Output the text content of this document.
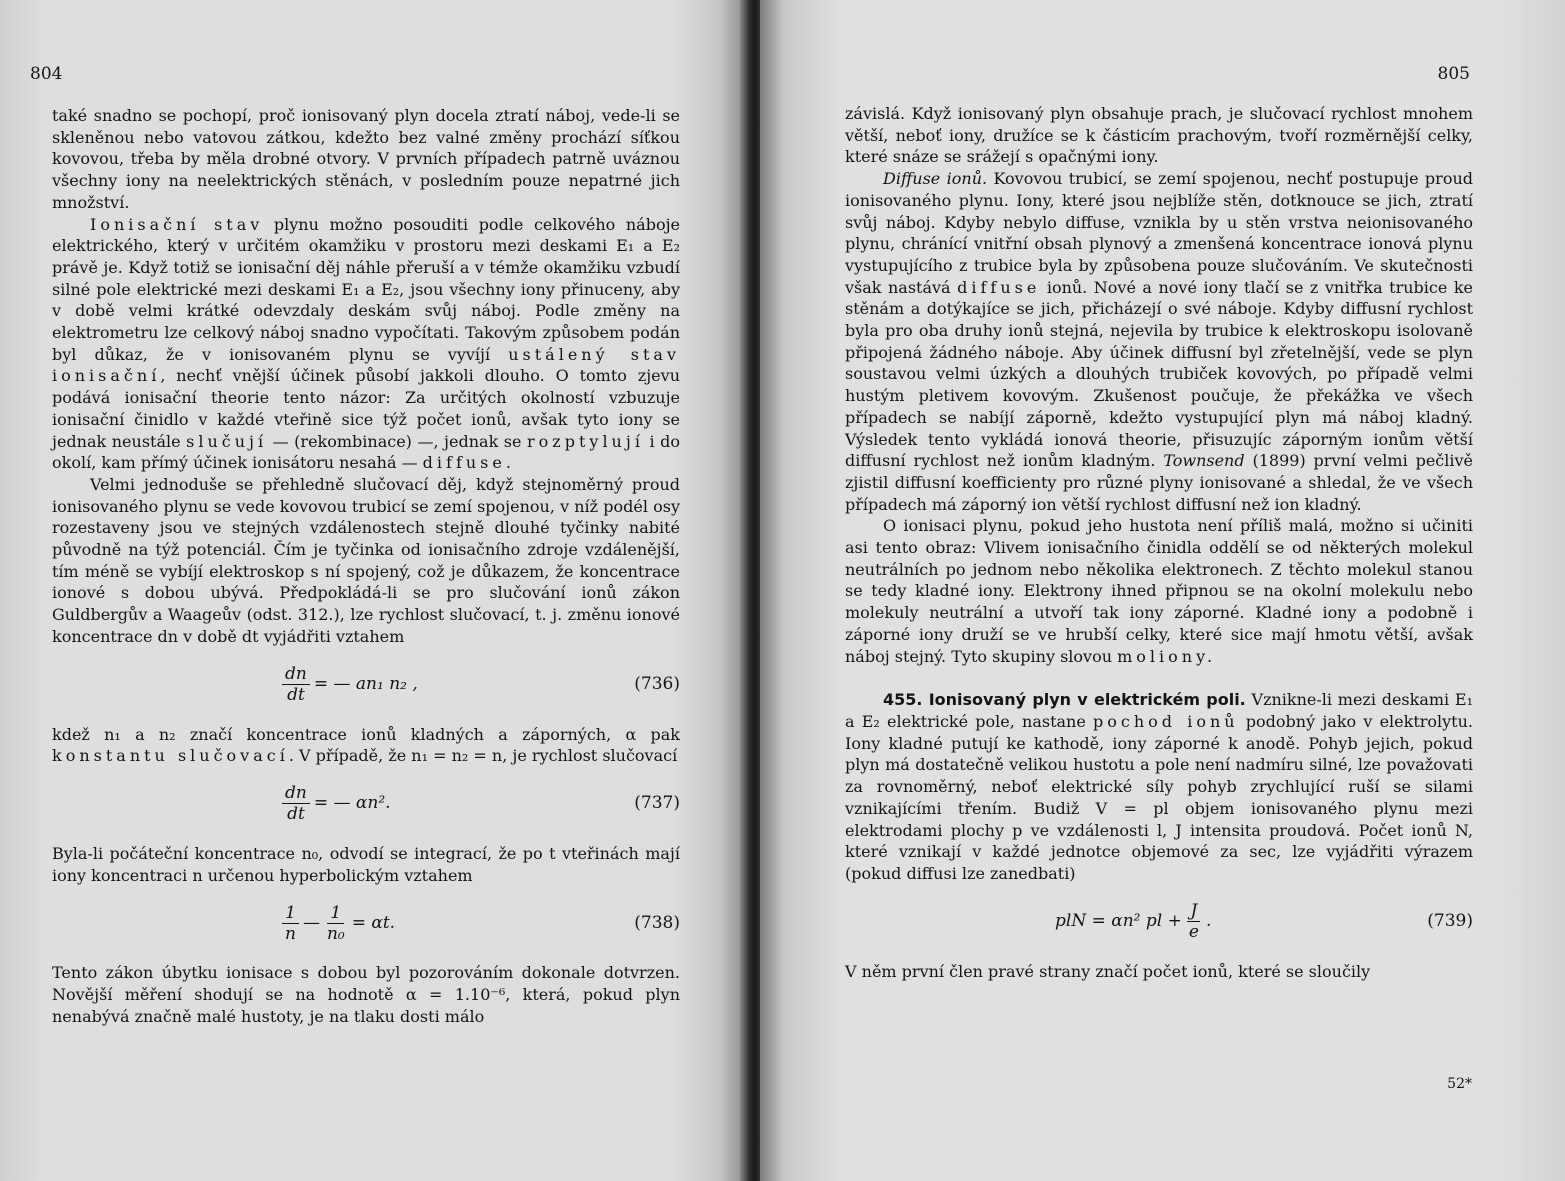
804

také snadno se pochopí, proč ionisovaný plyn docela ztratí náboj, vede-li se skleněnou nebo vatovou zátkou, kdežto bez valné změny prochází síťkou kovovou, třeba by měla drobné otvory. V prvních případech patrně uváznou všechny iony na neelektrických stěnách, v posledním pouze nepatrné jich množství.

Ionisační stav plynu možno posouditi podle celkového náboje elektrického, který v určitém okamžiku v prostoru mezi deskami E₁ a E₂ právě je. Když totiž se ionisační děj náhle přeruší a v témže okamžiku vzbudí silné pole elektrické mezi deskami E₁ a E₂, jsou všechny iony přinuceny, aby v době velmi krátké odevzdaly deskám svůj náboj. Podle změny na elektrometru lze celkový náboj snadno vypočítati. Takovým způsobem podán byl důkaz, že v ionisovaném plynu se vyvíjí ustálený stav ionisační, nechť vnější účinek působí jakkoli dlouho. O tomto zjevu podává ionisační theorie tento názor: Za určitých okolností vzbuzuje ionisační činidlo v každé vteřině sice týž počet ionů, avšak tyto iony se jednak neustále slučují — (rekombinace) —, jednak se rozptylují i do okolí, kam přímý účinek ionisátoru nesahá — diffuse.

Velmi jednoduše se přehledně slučovací děj, když stejnoměrný proud ionisovaného plynu se vede kovovou trubicí se zemí spojenou, v níž podél osy rozestaveny jsou ve stejných vzdálenostech stejně dlouhé tyčinky nabité původně na týž potenciál. Čím je tyčinka od ionisačního zdroje vzdálenější, tím méně se vybíjí elektroskop s ní spojený, což je důkazem, že koncentrace ionové s dobou ubývá. Předpokládá-li se pro slučování ionů zákon Guldbergův a Waageův (odst. 312.), lze rychlost slučovací, t. j. změnu ionové koncentrace dn v době dt vyjádřiti vztahem

$\frac{dn}{dt}$ = — an₁ n₂ ,	(736)

kdež n₁ a n₂ značí koncentrace ionů kladných a záporných, α pak konstantu slučovací. V případě, že n₁ = n₂ = n, je rychlost slučovací

$\frac{dn}{dt}$ = — αn².	(737)

Byla-li počáteční koncentrace n₀, odvodí se integrací, že po t vteřinách mají iony koncentraci n určenou hyperbolickým vztahem

$\frac{1}{n}$ — $\frac{1}{\text{n₀}} = \alpha t$.	(738)

Tento zákon úbytku ionisace s dobou byl pozorováním dokonale dotvrzen. Novější měření shodují se na hodnotě α = 1.10⁻⁶, která, pokud plyn nenabývá značně malé hustoty, je na tlaku dosti málo

805

závislá. Když ionisovaný plyn obsahuje prach, je slučovací rychlost mnohem větší, neboť iony, družíce se k částicím prachovým, tvoří rozměrnější celky, které snáze se srážejí s opačnými iony.

Diffuse ionů. Kovovou trubicí, se zemí spojenou, nechť postupuje proud ionisovaného plynu. Iony, které jsou nejblíže stěn, dotknouce se jich, ztratí svůj náboj. Kdyby nebylo diffuse, vznikla by u stěn vrstva neionisovaného plynu, chránící vnitřní obsah plynový a zmenšená koncentrace ionová plynu vystupujícího z trubice byla by způsobena pouze slučováním. Ve skutečnosti však nastává diffuse ionů. Nové a nové iony tlačí se z vnitřka trubice ke stěnám a dotýkajíce se jich, přicházejí o své náboje. Kdyby diffusní rychlost byla pro oba druhy ionů stejná, nejevila by trubice k elektroskopu isolovaně připojená žádného náboje. Aby účinek diffusní byl zřetelnější, vede se plyn soustavou velmi úzkých a dlouhých trubiček kovových, po případě velmi hustým pletivem kovovým. Zkušenost poučuje, že překážka ve všech případech se nabíjí záporně, kdežto vystupující plyn má náboj kladný. Výsledek tento vykládá ionová theorie, přisuzujíc záporným ionům větší diffusní rychlost než ionům kladným. Townsend (1899) první velmi pečlivě zjistil diffusní koefficienty pro různé plyny ionisované a shledal, že ve všech případech má záporný ion větší rychlost diffusní než ion kladný.

O ionisaci plynu, pokud jeho hustota není příliš malá, možno si učiniti asi tento obraz: Vlivem ionisačního činidla oddělí se od některých molekul neutrálních po jednom nebo několika elektronech. Z těchto molekul stanou se tedy kladné iony. Elektrony ihned připnou se na okolní molekulu nebo molekuly neutrální a utvoří tak iony záporné. Kladné iony a podobně i záporné iony druží se ve hrubší celky, které sice mají hmotu větší, avšak náboj stejný. Tyto skupiny slovou moliony.

455. Ionisovaný plyn v elektrickém poli. Vznikne-li mezi deskami E₁ a E₂ elektrické pole, nastane pochod ionů podobný jako v elektrolytu. Iony kladné putují ke kathodě, iony záporné k anodě. Pohyb jejich, pokud plyn má dostatečně velikou hustotu a pole není nadmíru silné, lze považovati za rovnoměrný, neboť elektrické síly pohyb zrychlující ruší se silami vznikajícími třením. Budiž V = pl objem ionisovaného plynu mezi elektrodami plochy p ve vzdálenosti l, J intensita proudová. Počet ionů N, které vznikají v každé jednotce objemové za sec, lze vyjádřiti výrazem (pokud diffusi lze zanedbati)

plN = αn² pl + $\frac{J}{e}$ .	(739)

V něm první člen pravé strany značí počet ionů, které se sloučily

52*
